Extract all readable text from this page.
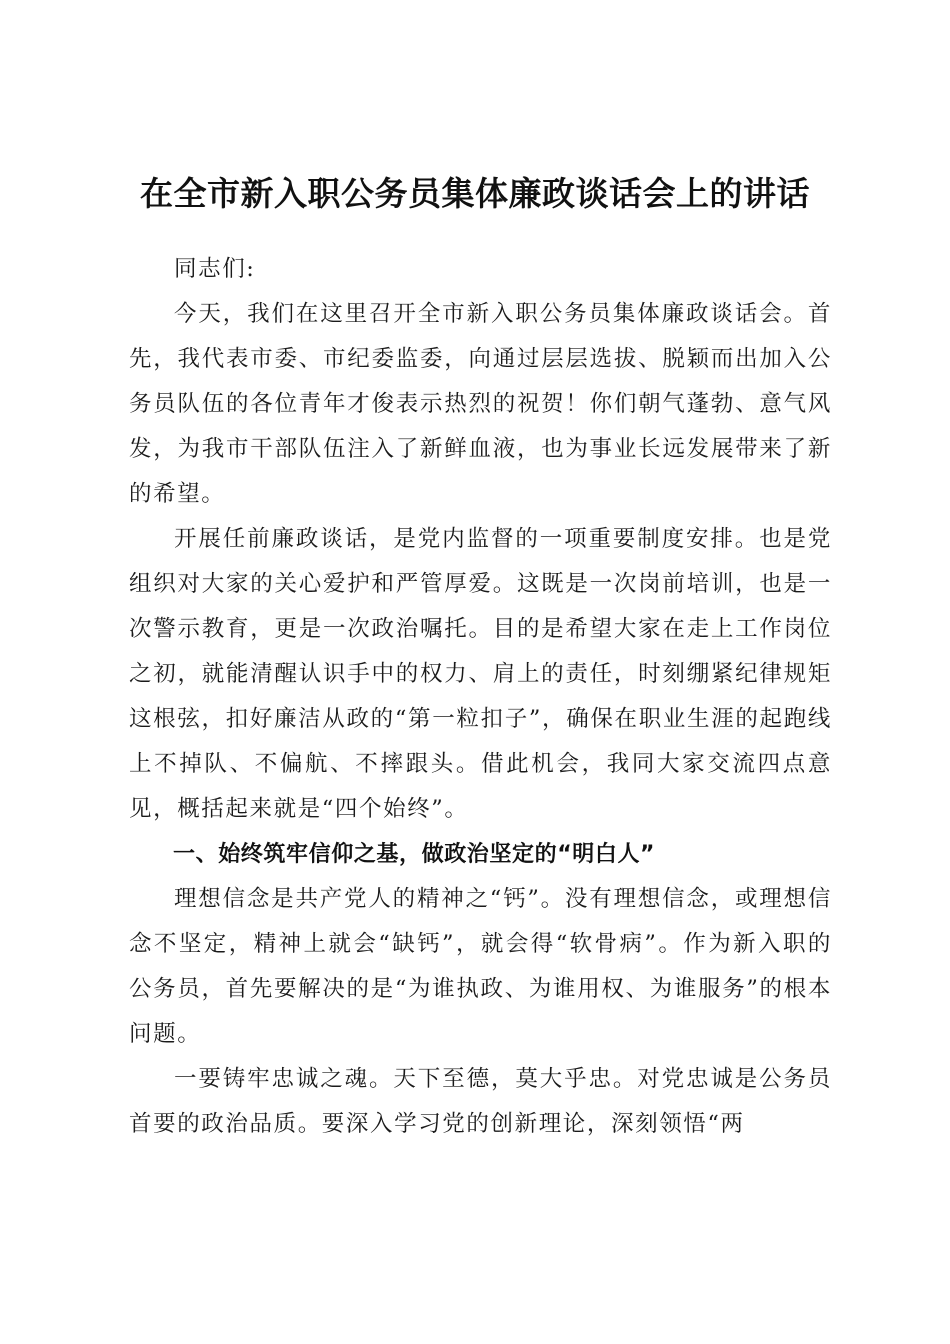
在全市新入职公务员集体廉政谈话会上的讲话

同志们:

今天，我们在这里召开全市新入职公务员集体廉政谈话会。首先，我代表市委、市纪委监委，向通过层层选拔、脱颖而出加入公务员队伍的各位青年才俊表示热烈的祝贺！你们朝气蓬勃、意气风发，为我市干部队伍注入了新鲜血液，也为事业长远发展带来了新的希望。

开展任前廉政谈话，是党内监督的一项重要制度安排。也是党组织对大家的关心爱护和严管厚爱。这既是一次岗前培训，也是一次警示教育，更是一次政治嘱托。目的是希望大家在走上工作岗位之初，就能清醒认识手中的权力、肩上的责任，时刻绷紧纪律规矩这根弦，扣好廉洁从政的“第一粒扣子”，确保在职业生涯的起跑线上不掉队、不偏航、不摔跟头。借此机会，我同大家交流四点意见，概括起来就是“四个始终”。

一、始终筑牢信仰之基，做政治坚定的“明白人”

理想信念是共产党人的精神之“钙”。没有理想信念，或理想信念不坚定，精神上就会“缺钙”，就会得“软骨病”。作为新入职的公务员，首先要解决的是“为谁执政、为谁用权、为谁服务”的根本问题。

一要铸牢忠诚之魂。天下至德，莫大乎忠。对党忠诚是公务员首要的政治品质。要深入学习党的创新理论，深刻领悟“两
